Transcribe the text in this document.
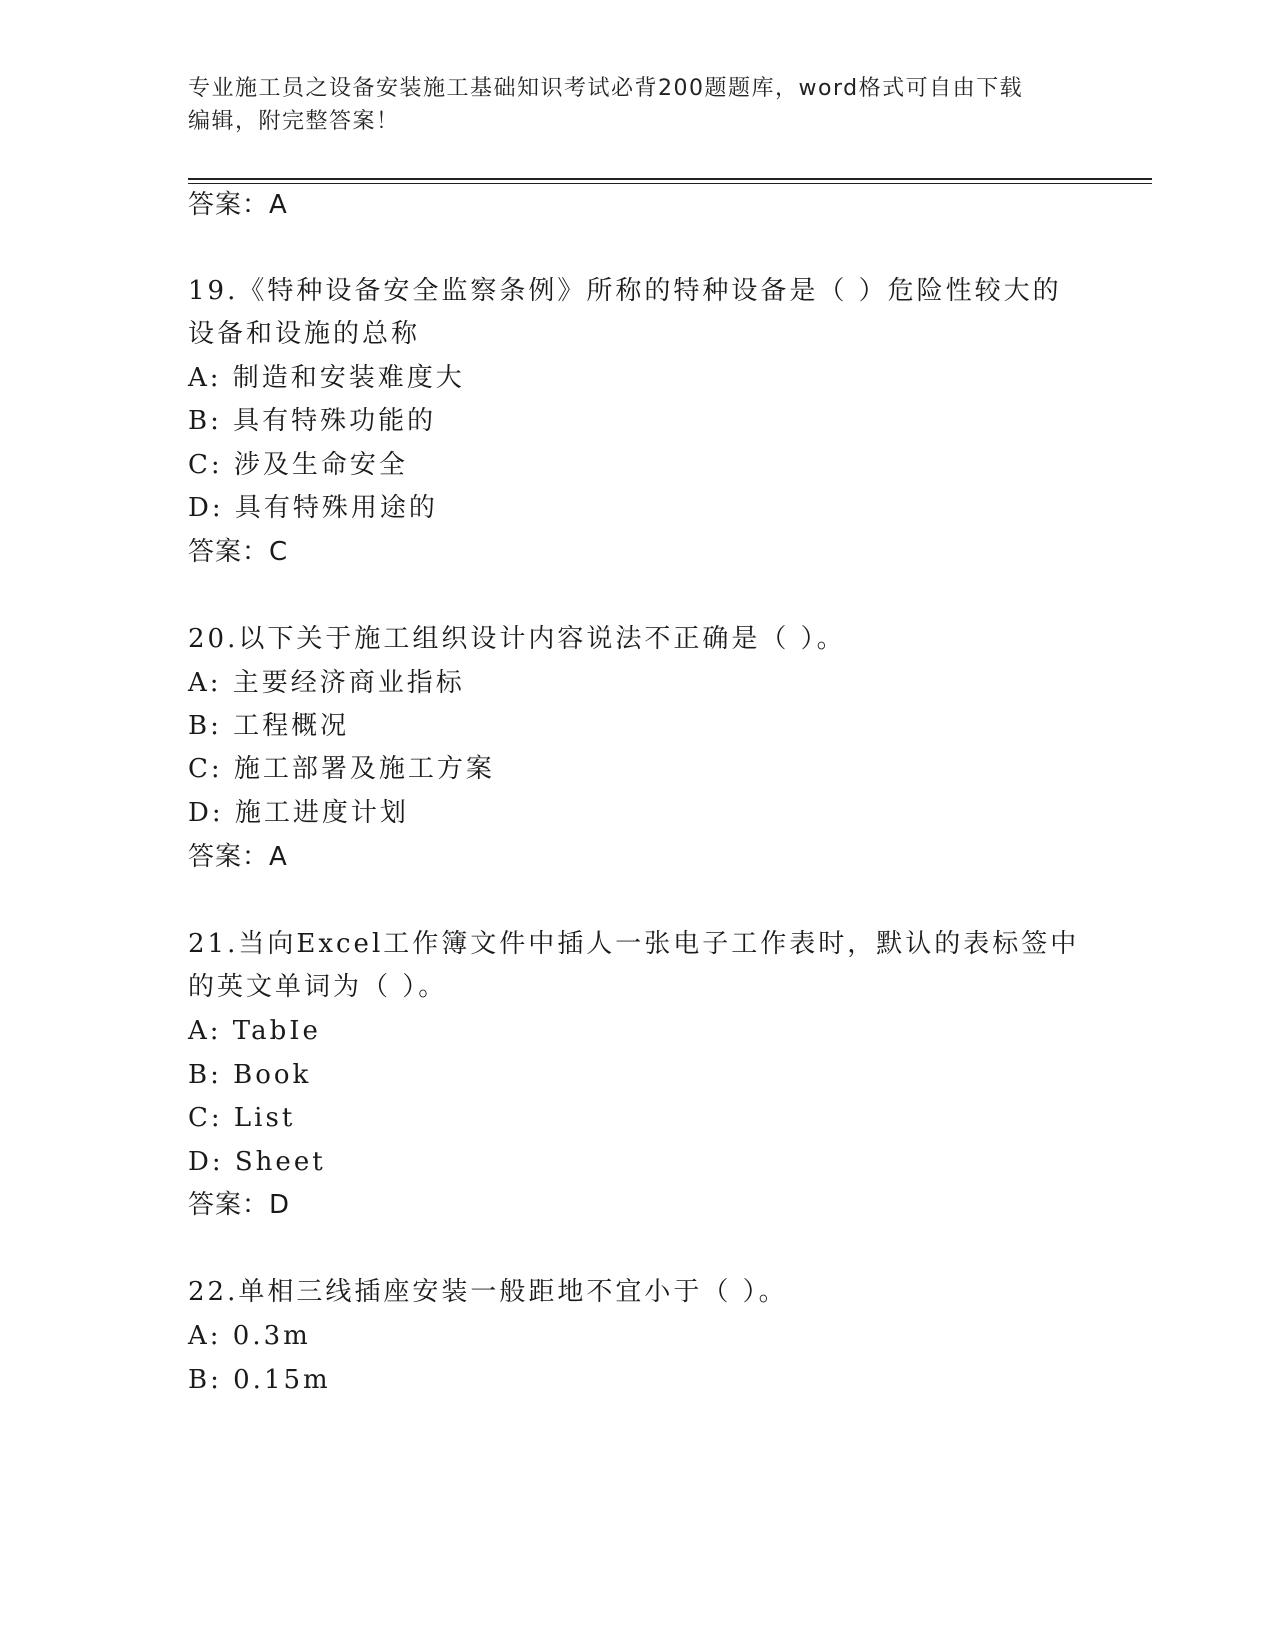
专业施工员之设备安装施工基础知识考试必背200题题库，word格式可自由下载
编辑，附完整答案！
答案：A
19.《特种设备安全监察条例》所称的特种设备是（ ）危险性较大的
设备和设施的总称
A: 制造和安装难度大
B: 具有特殊功能的
C: 涉及生命安全
D: 具有特殊用途的
答案：C
20.以下关于施工组织设计内容说法不正确是（ ）。
A: 主要经济商业指标
B: 工程概况
C: 施工部署及施工方案
D: 施工进度计划
答案：A
21.当向Excel工作簿文件中插人一张电子工作表时，默认的表标签中
的英文单词为（ ）。
A: TabIe
B: Book
C: List
D: Sheet
答案：D
22.单相三线插座安装一般距地不宜小于（ ）。
A: 0.3m
B: 0.15m
